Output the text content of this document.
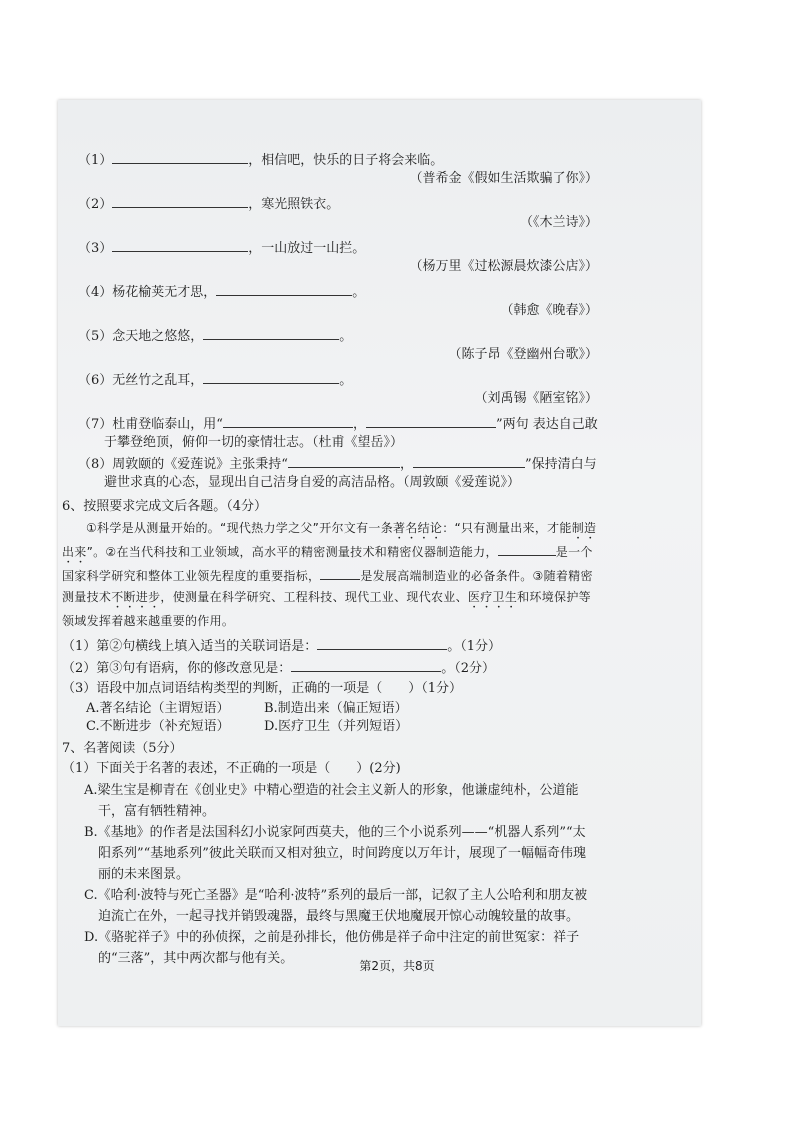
（1）	，相信吧，快乐的日子将会来临。
（普希金《假如生活欺骗了你》）
（2）	，寒光照铁衣。
（《木兰诗》）
（3）	，一山放过一山拦。
（杨万里《过松源晨炊漆公店》）
（4）杨花榆荚无才思，	。
（韩愈《晚春》）
（5）念天地之悠悠，	。
（陈子昂《登幽州台歌》）
（6）无丝竹之乱耳，	。
（刘禹锡《陋室铭》）
（7）杜甫登临泰山，用“	，	”两句 表达自己敢于攀登绝顶，俯仰一切的豪情壮志。（杜甫《望岳》）
（8）周敦颐的《爱莲说》主张秉持“	，	”保持清白与避世求真的心态，显现出自己洁身自爱的高洁品格。（周敦颐《爱莲说》）
6、按照要求完成文后各题。（4分）
①科学是从测量开始的。“现代热力学之父”开尔文有一条著名结论：“只有测量出来，才能制造出来”。②在当代科技和工业领域，高水平的精密测量技术和精密仪器制造能力，	是一个国家科学研究和整体工业领先程度的重要指标，	是发展高端制造业的必备条件。③随着精密测量技术不断进步，使测量在科学研究、工程科技、现代工业、现代农业、医疗卫生和环境保护等领域发挥着越来越重要的作用。
（1）第②句横线上填入适当的关联词语是：	。（1分）
（2）第③句有语病，你的修改意见是：	。（2分）
（3）语段中加点词语结构类型的判断，正确的一项是（　　）（1分）
A.著名结论（主谓短语）	B.制造出来（偏正短语）
C.不断进步（补充短语）	D.医疗卫生（并列短语）
7、名著阅读（5分）
（1）下面关于名著的表述，不正确的一项是（　　）(2分)
A.梁生宝是柳青在《创业史》中精心塑造的社会主义新人的形象，他谦虚纯朴，公道能干，富有牺牲精神。
B.《基地》的作者是法国科幻小说家阿西莫夫，他的三个小说系列——“机器人系列”“太阳系列”“基地系列”彼此关联而又相对独立，时间跨度以万年计，展现了一幅幅奇伟瑰丽的未来图景。
C.《哈利·波特与死亡圣器》是“哈利·波特”系列的最后一部，记叙了主人公哈利和朋友被迫流亡在外，一起寻找并销毁魂器，最终与黑魔王伏地魔展开惊心动魄较量的故事。
D.《骆驼祥子》中的孙侦探，之前是孙排长，他仿佛是祥子命中注定的前世冤家：祥子的“三落”，其中两次都与他有关。	第2页，共8页
